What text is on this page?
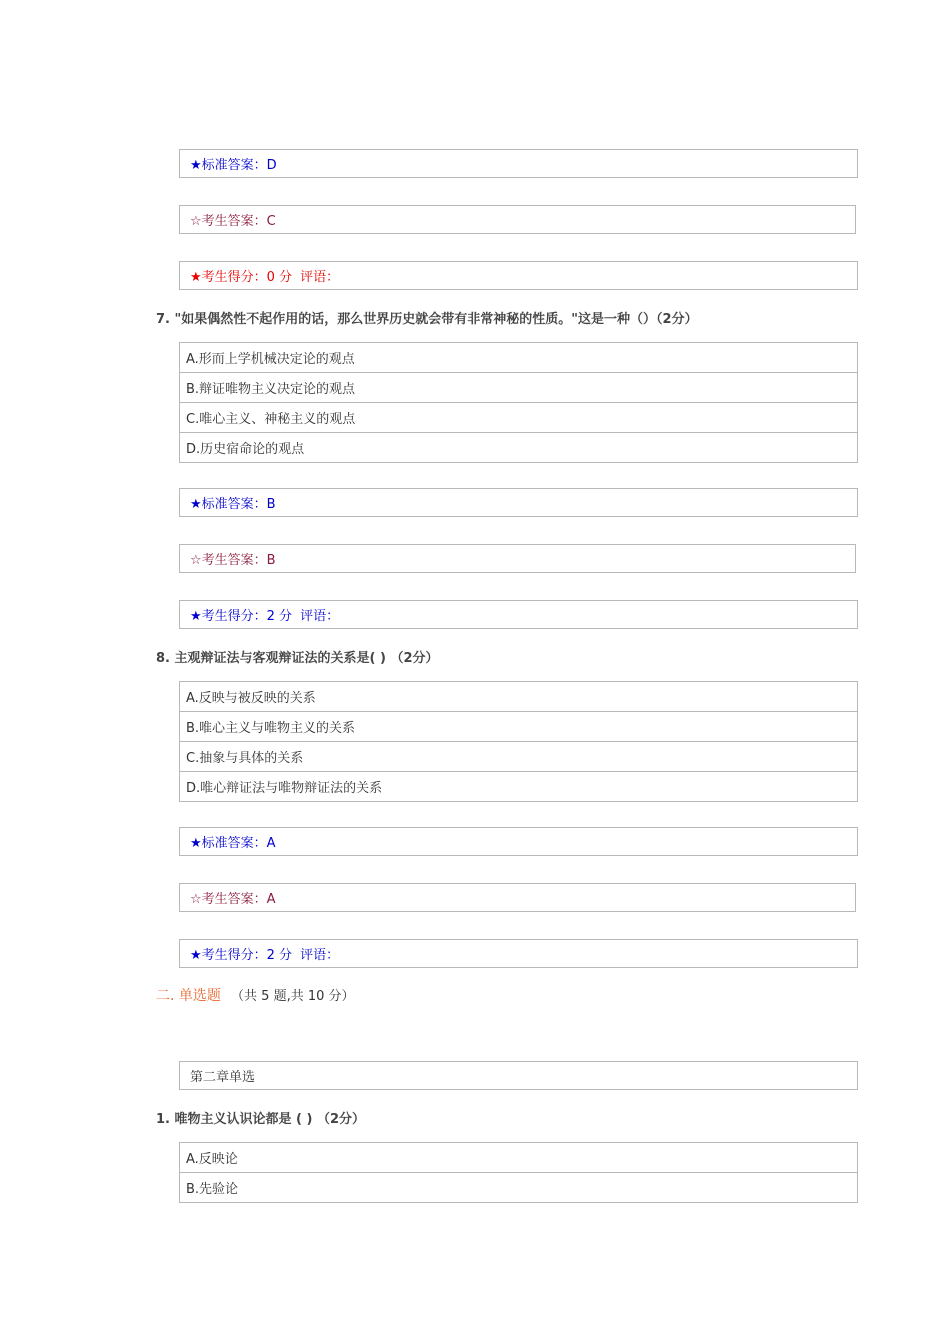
★标准答案：D
☆考生答案：C
★考生得分： 0 分 评语：
7. "如果偶然性不起作用的话，那么世界历史就会带有非常神秘的性质。"这是一种（）（2分）
A.形而上学机械决定论的观点
B.辩证唯物主义决定论的观点
C.唯心主义、神秘主义的观点
D.历史宿命论的观点
★标准答案：B
☆考生答案：B
★考生得分： 2 分 评语：
8. 主观辩证法与客观辩证法的关系是( ) （2分）
A.反映与被反映的关系
B.唯心主义与唯物主义的关系
C.抽象与具体的关系
D.唯心辩证法与唯物辩证法的关系
★标准答案：A
☆考生答案：A
★考生得分： 2 分 评语：
二. 单选题 （共 5 题,共 10 分）
第二章单选
1. 唯物主义认识论都是 ( ) （2分）
A.反映论
B.先验论
